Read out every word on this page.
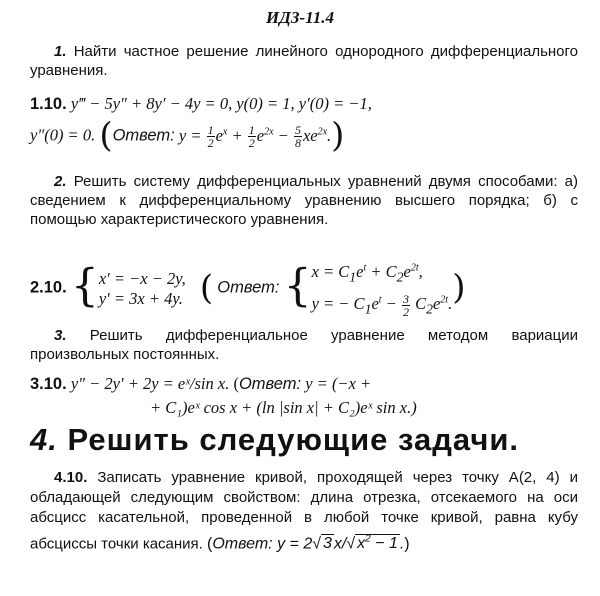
ИДЗ-11.4
1. Найти частное решение линейного однородного дифференциального уравнения.
1.10. y‴ − 5y″ + 8y′ − 4y = 0, y(0) = 1, y′(0) = −1,
y″(0) = 0. (Ответ: $y = \frac{1}{2} e^x + \frac{1}{2} e^{2x} - \frac{5}{8} xe^{2x}$.)
2. Решить систему дифференциальных уравнений двумя способами: а) сведением к дифференциальному уравнению высшего порядка; б) с помощью характеристического уравнения.
2.10. {x′ = −x − 2y,
y′ = 3x + 4y. ( Ответ: {$x = C_1e^t + C_2e^{2t}$,
y = − $C_1e^t - \frac{3}{2} C_2e^{2t}$.)
3. Решить дифференциальное уравнение методом вариации произвольных постоянных.
3.10. y″ − 2y′ + 2y = eˣ/sin x. (Ответ: y = (−x +
+ C₁)eˣ cos x + (ln |sin x| + C₂)eˣ sin x.)
4. Решить следующие задачи.
4.10. Записать уравнение кривой, проходящей через точку A(2, 4) и обладающей следующим свойством: длина отрезка, отсекаемого на оси абсцисс касательной, проведенной в любой точке кривой, равна кубу абсциссы точки касания. (Ответ: y = 2√ 3 x/√ $x^2 - 1$ .)
